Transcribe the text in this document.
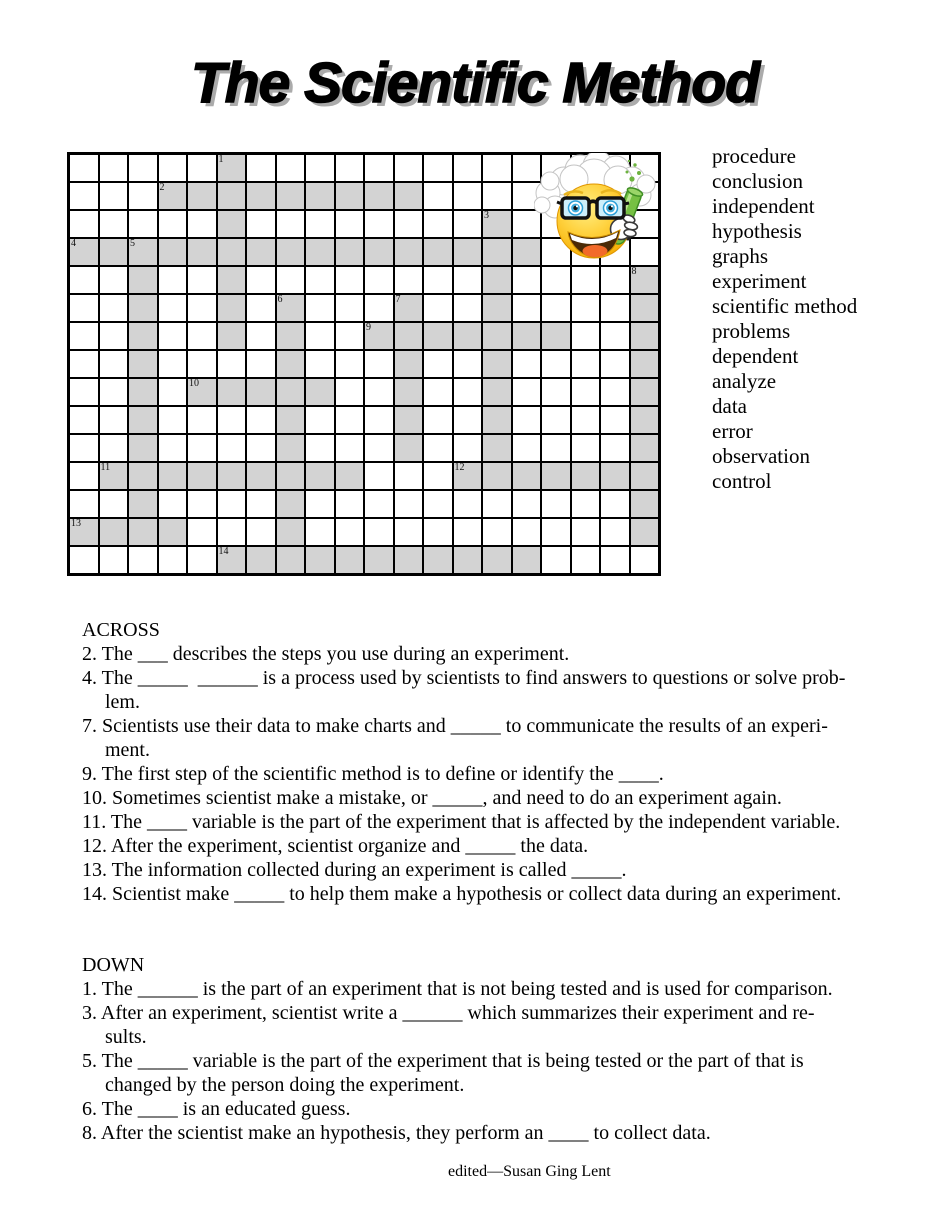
The Scientific Method
1
2
3
4	5
8
6	7
9
10
11	12
13
14
procedure
conclusion
independent
hypothesis
graphs
experiment
scientific method
problems
dependent
analyze
data
error
observation
control
ACROSS
2. The ___ describes the steps you use during an experiment.
4. The _____  ______ is a process used by scientists to find answers to questions or solve prob-
lem.
7. Scientists use their data to make charts and _____ to communicate the results of an experi-
ment.
9. The first step of the scientific method is to define or identify the ____.
10. Sometimes scientist make a mistake, or _____, and need to do an experiment again.
11. The ____ variable is the part of the experiment that is affected by the independent variable.
12. After the experiment, scientist organize and _____ the data.
13. The information collected during an experiment is called _____.
14. Scientist make _____ to help them make a hypothesis or collect data during an experiment.
DOWN
1. The ______ is the part of an experiment that is not being tested and is used for comparison.
3. After an experiment, scientist write a ______ which summarizes their experiment and re-
sults.
5. The _____ variable is the part of the experiment that is being tested or the part of that is
changed by the person doing the experiment.
6. The ____ is an educated guess.
8. After the scientist make an hypothesis, they perform an ____ to collect data.
edited—Susan Ging Lent
